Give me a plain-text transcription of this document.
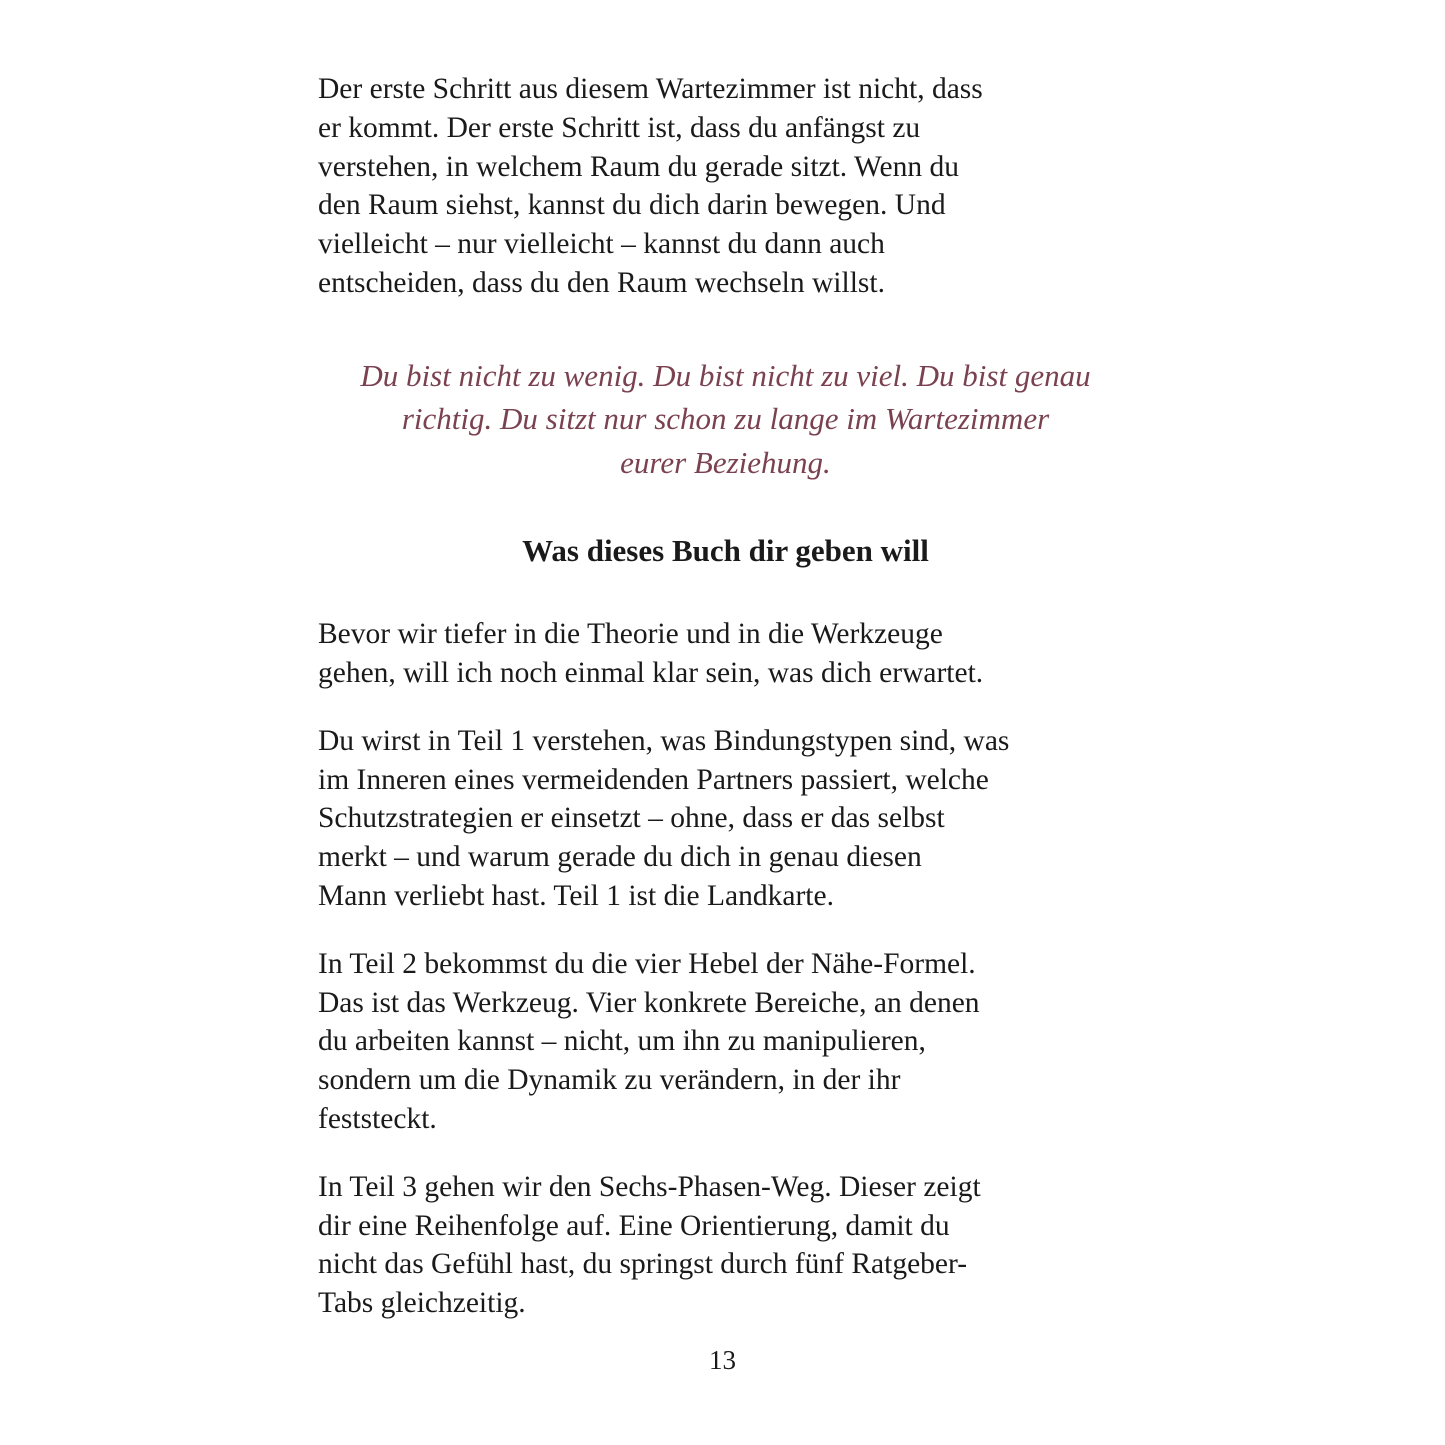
Der erste Schritt aus diesem Wartezimmer ist nicht, dass
er kommt. Der erste Schritt ist, dass du anfängst zu
verstehen, in welchem Raum du gerade sitzt. Wenn du
den Raum siehst, kannst du dich darin bewegen. Und
vielleicht – nur vielleicht – kannst du dann auch
entscheiden, dass du den Raum wechseln willst.

Du bist nicht zu wenig. Du bist nicht zu viel. Du bist genau
richtig. Du sitzt nur schon zu lange im Wartezimmer
eurer Beziehung.

Was dieses Buch dir geben will

Bevor wir tiefer in die Theorie und in die Werkzeuge
gehen, will ich noch einmal klar sein, was dich erwartet.

Du wirst in Teil 1 verstehen, was Bindungstypen sind, was
im Inneren eines vermeidenden Partners passiert, welche
Schutzstrategien er einsetzt – ohne, dass er das selbst
merkt – und warum gerade du dich in genau diesen
Mann verliebt hast. Teil 1 ist die Landkarte.

In Teil 2 bekommst du die vier Hebel der Nähe-Formel.
Das ist das Werkzeug. Vier konkrete Bereiche, an denen
du arbeiten kannst – nicht, um ihn zu manipulieren,
sondern um die Dynamik zu verändern, in der ihr
feststeckt.

In Teil 3 gehen wir den Sechs-Phasen-Weg. Dieser zeigt
dir eine Reihenfolge auf. Eine Orientierung, damit du
nicht das Gefühl hast, du springst durch fünf Ratgeber-
Tabs gleichzeitig.

13
